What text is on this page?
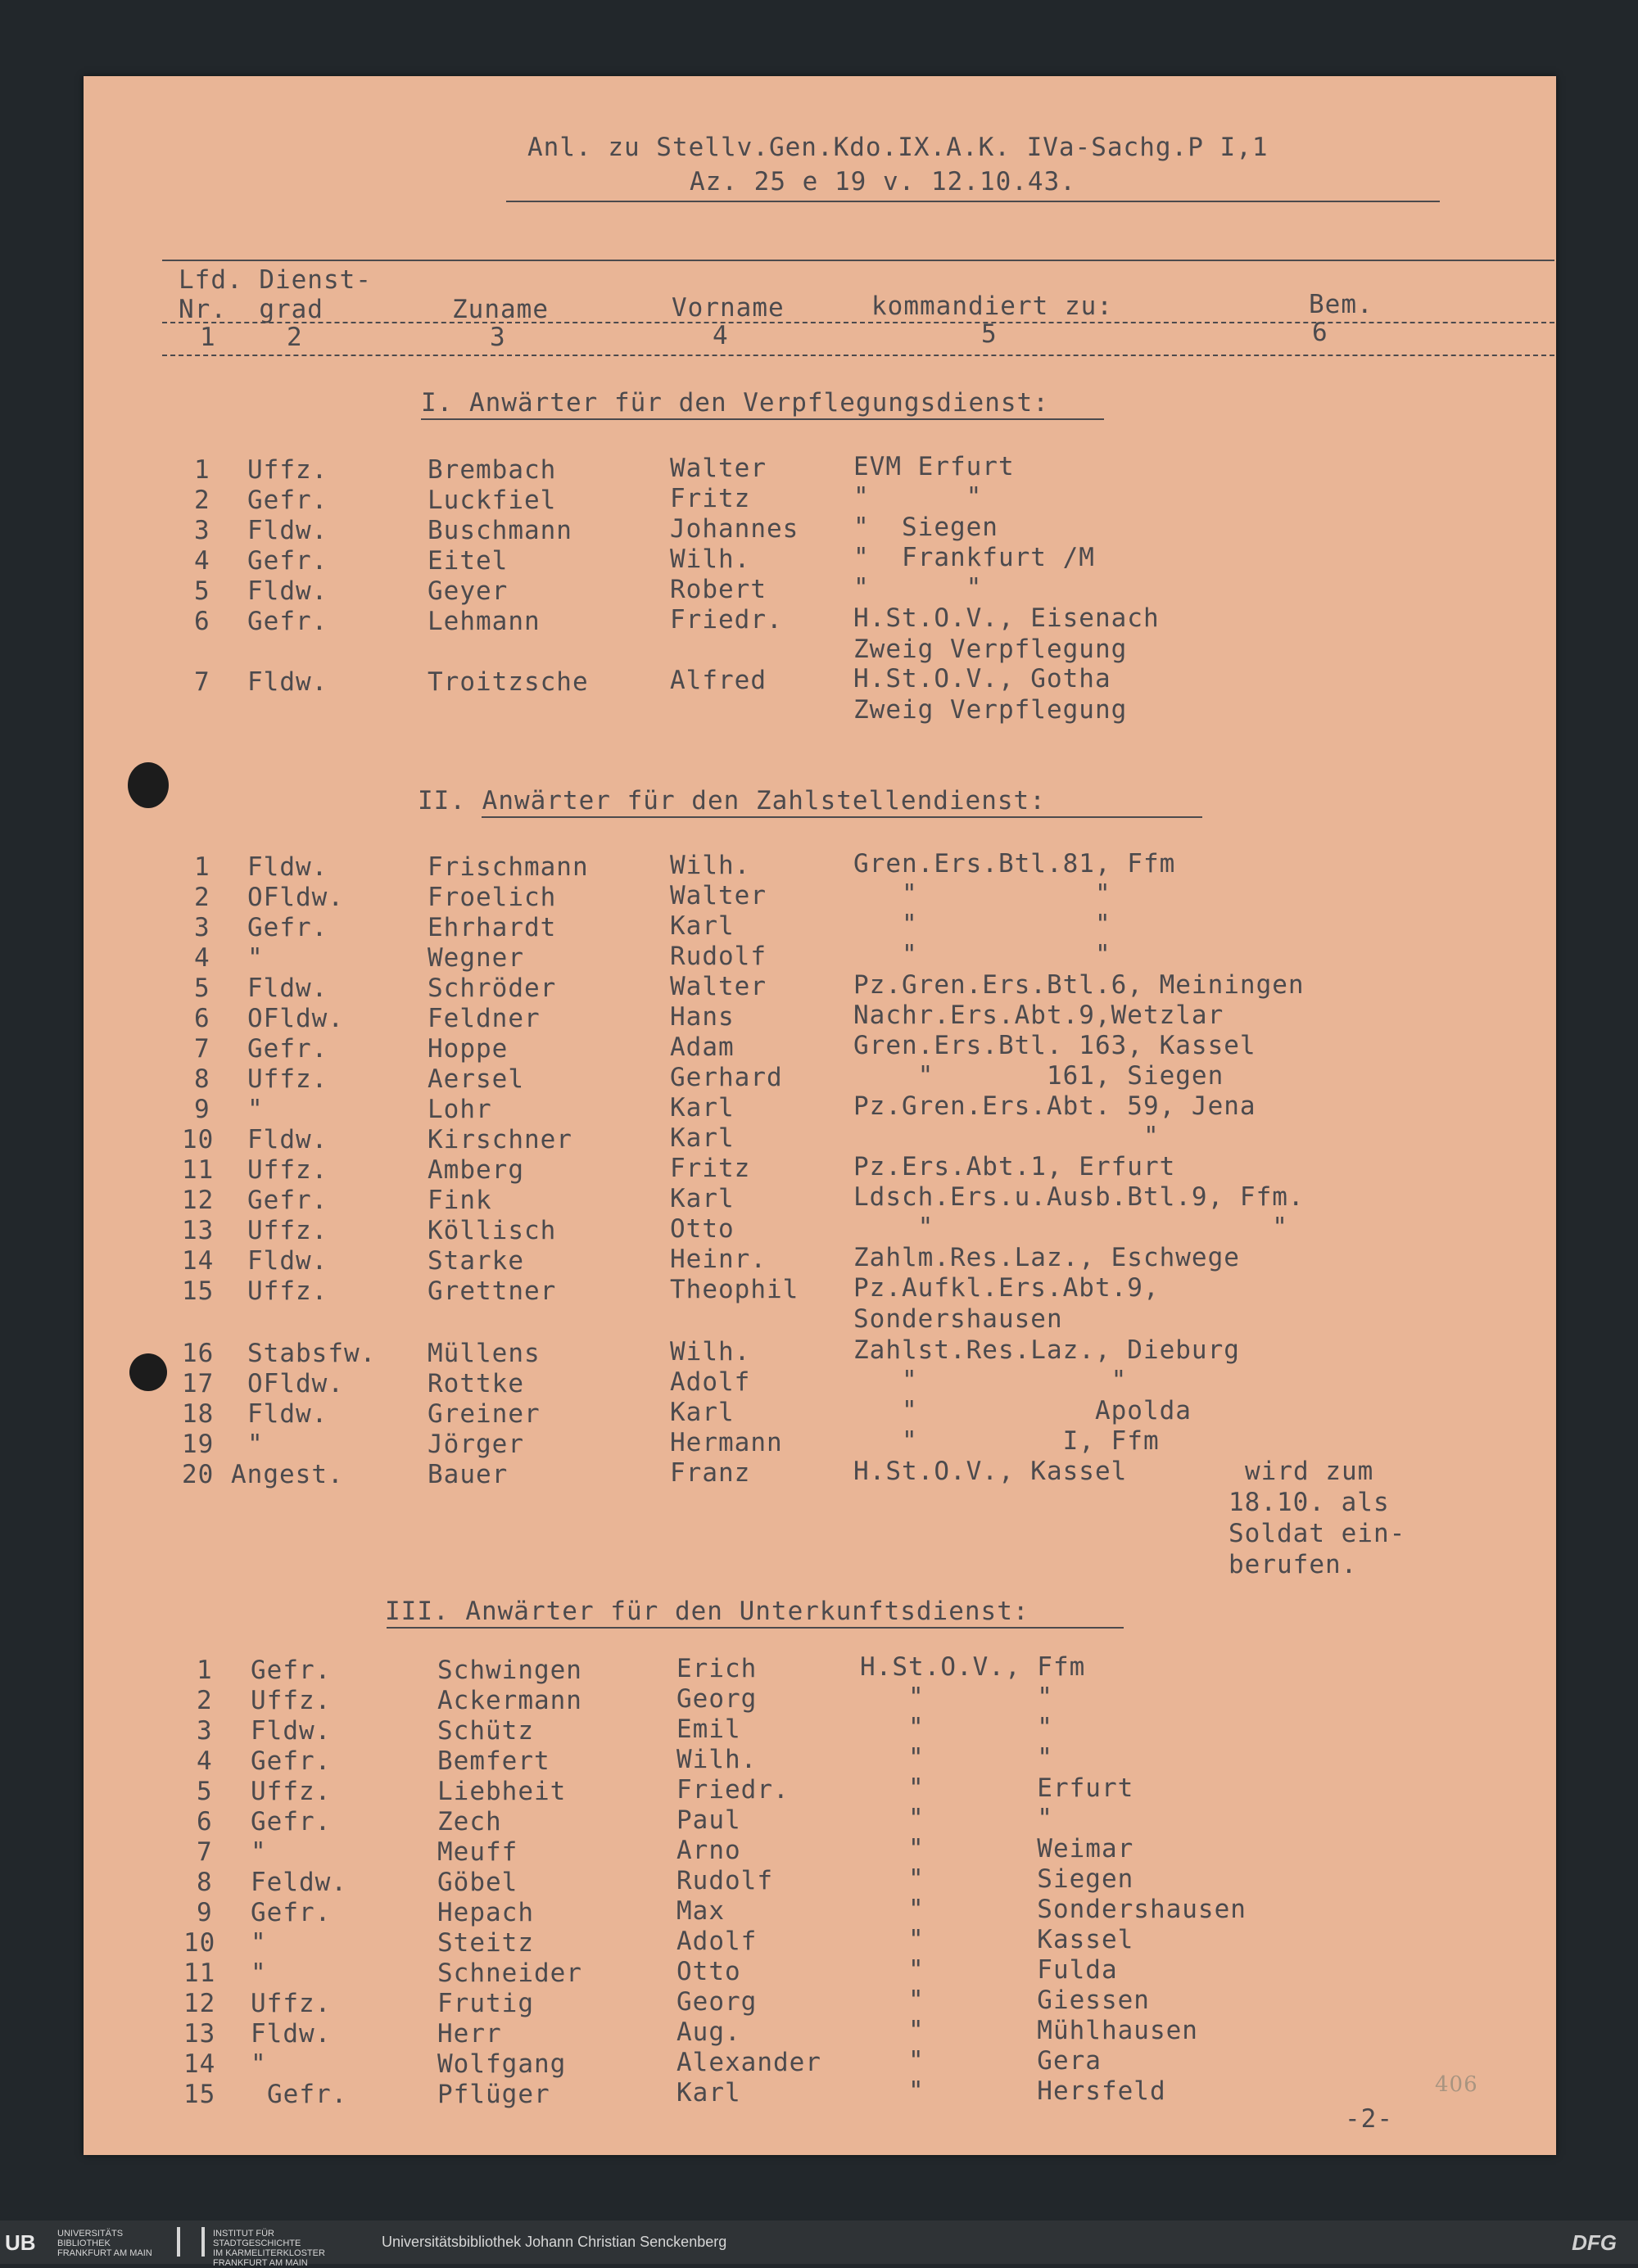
Anl. zu Stellv.Gen.Kdo.IX.A.K. IVa-Sachg.P I,1
Az. 25 e 19 v. 12.10.43.
Lfd. Dienst-
Nr.  grad	Zuname	Vorname	kommandiert zu:	Bem.
1	2	3	4	5	6
I. Anwärter für den Verpflegungsdienst:
1 Uffz.	Brembach	Walter	EVM Erfurt
2 Gefr.	Luckfiel	Fritz	"      "
3 Fldw.	Buschmann	Johannes "  Siegen
4 Gefr.	Eitel	Wilh.	"  Frankfurt /M
5 Fldw.	Geyer	Robert	"      "
6 Gefr.	Lehmann	Friedr.	H.St.O.V., Eisenach
Zweig Verpflegung
7 Fldw.	Troitzsche	Alfred	H.St.O.V., Gotha
Zweig Verpflegung
II. Anwärter für den Zahlstellendienst:
1 Fldw.	Frischmann	Wilh.	Gren.Ers.Btl.81, Ffm
2 OFldw.	Froelich	Walter	"           "
3 Gefr.	Ehrhardt	Karl	"           "
4 "	Wegner	Rudolf	"           "
5 Fldw.	Schröder	Walter	Pz.Gren.Ers.Btl.6, Meiningen
6 OFldw.	Feldner	Hans	Nachr.Ers.Abt.9,Wetzlar
7 Gefr.	Hoppe	Adam	Gren.Ers.Btl. 163, Kassel
8 Uffz.	Aersel	Gerhard	"       161, Siegen
9 "	Lohr	Karl	Pz.Gren.Ers.Abt. 59, Jena
10 Fldw.	Kirschner	Karl	"
11 Uffz.	Amberg	Fritz	Pz.Ers.Abt.1, Erfurt
12 Gefr.	Fink	Karl	Ldsch.Ers.u.Ausb.Btl.9, Ffm.
13 Uffz.	Köllisch	Otto	"                     "
14 Fldw.	Starke	Heinr.	Zahlm.Res.Laz., Eschwege
15 Uffz.	Grettner	Theophil Pz.Aufkl.Ers.Abt.9,
Sondershausen
16 Stabsfw. Müllens	Wilh.	Zahlst.Res.Laz., Dieburg
17 OFldw.	Rottke	Adolf	"            "
18 Fldw.	Greiner	Karl	"           Apolda
19 "	Jörger	Hermann	"         I, Ffm
20 Angest.	Bauer	Franz	H.St.O.V., Kassel	wird zum
18.10. als
Soldat ein-
berufen.
III. Anwärter für den Unterkunftsdienst:
1 Gefr.	Schwingen	Erich	H.St.O.V., Ffm
2 Uffz.	Ackermann	Georg	"       "
3 Fldw.	Schütz	Emil	"       "
4 Gefr.	Bemfert	Wilh.	"       "
5 Uffz.	Liebheit	Friedr.	"       Erfurt
6 Gefr.	Zech	Paul	"       "
7 "	Meuff	Arno	"       Weimar
8 Feldw.	Göbel	Rudolf	"       Siegen
9 Gefr.	Hepach	Max	"       Sondershausen
10 "	Steitz	Adolf	"       Kassel
11 "	Schneider	Otto	"       Fulda
12 Uffz.	Frutig	Georg	"       Giessen
13 Fldw.	Herr	Aug.	"       Mühlhausen
14 "	Wolfgang	Alexander "       Gera
15 Gefr.	Pflüger	Karl	"       Hersfeld	406
-2-
UB UNIVERSITÄTS
BIBLIOTHEK
FRANKFURT AM MAIN
INSTITUT FÜR
STADTGESCHICHTE
IM KARMELITERKLOSTER
FRANKFURT AM MAIN
Universitätsbibliothek Johann Christian Senckenberg	DFG
